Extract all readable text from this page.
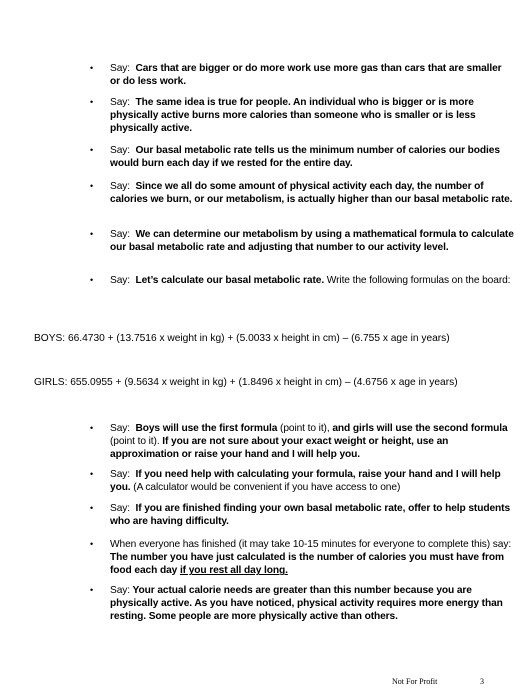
•	Say: Cars that are bigger or do more work use more gas than cars that are smaller or do less work.
•	Say: The same idea is true for people. An individual who is bigger or is more physically active burns more calories than someone who is smaller or is less physically active.
•	Say: Our basal metabolic rate tells us the minimum number of calories our bodies would burn each day if we rested for the entire day.
•	Say: Since we all do some amount of physical activity each day, the number of calories we burn, or our metabolism, is actually higher than our basal metabolic rate.
•	Say: We can determine our metabolism by using a mathematical formula to calculate our basal metabolic rate and adjusting that number to our activity level.
•	Say: Let’s calculate our basal metabolic rate. Write the following formulas on the board:
BOYS: 66.4730 + (13.7516 x weight in kg) + (5.0033 x height in cm) – (6.755 x age in years)
GIRLS: 655.0955 + (9.5634 x weight in kg) + (1.8496 x height in cm) – (4.6756 x age in years)
•	Say: Boys will use the first formula (point to it), and girls will use the second formula (point to it). If you are not sure about your exact weight or height, use an approximation or raise your hand and I will help you.
•	Say: If you need help with calculating your formula, raise your hand and I will help you. (A calculator would be convenient if you have access to one)
•	Say: If you are finished finding your own basal metabolic rate, offer to help students who are having difficulty.
•	When everyone has finished (it may take 10-15 minutes for everyone to complete this) say: The number you have just calculated is the number of calories you must have from food each day if you rest all day long.
•	Say: Your actual calorie needs are greater than this number because you are physically active. As you have noticed, physical activity requires more energy than resting. Some people are more physically active than others.
Not For Profit	3
